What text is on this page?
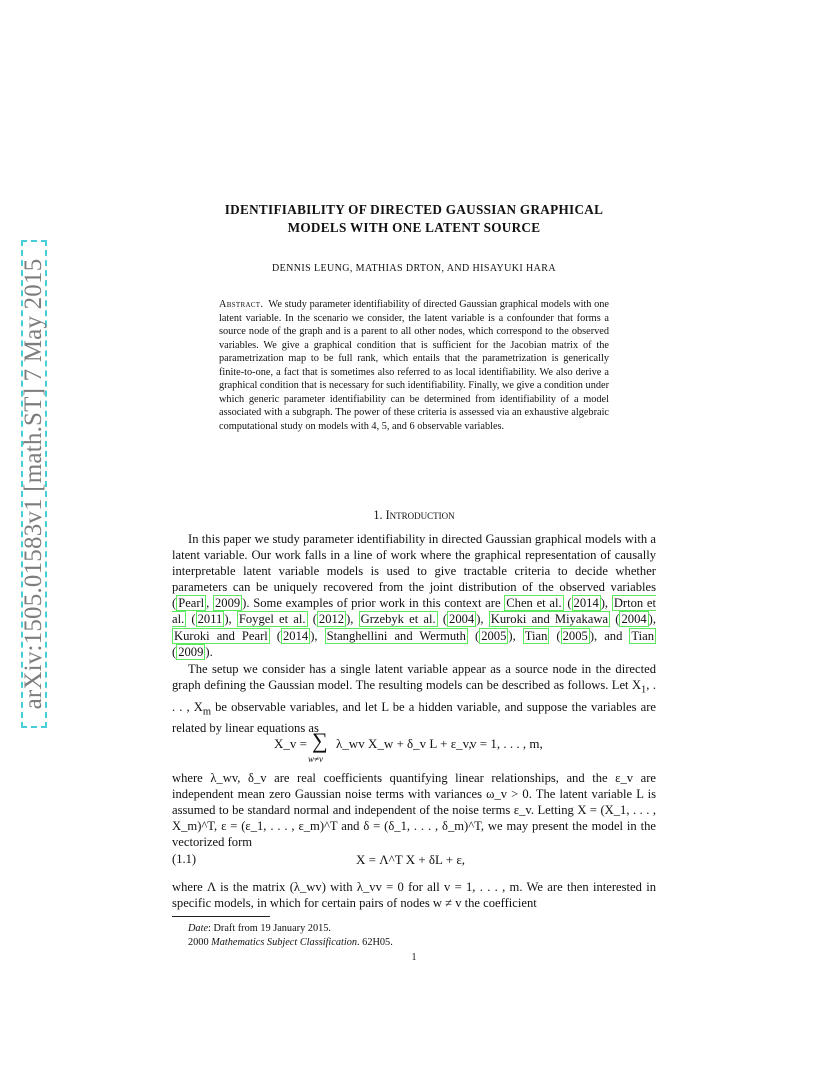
arXiv:1505.01583v1 [math.ST] 7 May 2015
IDENTIFIABILITY OF DIRECTED GAUSSIAN GRAPHICAL
MODELS WITH ONE LATENT SOURCE
DENNIS LEUNG, MATHIAS DRTON, AND HISAYUKI HARA
Abstract. We study parameter identifiability of directed Gaussian graphical models with one latent variable. In the scenario we consider, the latent variable is a confounder that forms a source node of the graph and is a parent to all other nodes, which correspond to the observed variables. We give a graphical condition that is sufficient for the Jacobian matrix of the parametrization map to be full rank, which entails that the parametrization is generically finite-to-one, a fact that is sometimes also referred to as local identifiability. We also derive a graphical condition that is necessary for such identifiability. Finally, we give a condition under which generic parameter identifiability can be determined from identifiability of a model associated with a subgraph. The power of these criteria is assessed via an exhaustive algebraic computational study on models with 4, 5, and 6 observable variables.
1. Introduction
In this paper we study parameter identifiability in directed Gaussian graphical models with a latent variable. Our work falls in a line of work where the graphical representation of causally interpretable latent variable models is used to give tractable criteria to decide whether parameters can be uniquely recovered from the joint distribution of the observed variables ( Pearl , 2009 ). Some examples of prior work in this context are Chen et al. ( 2014 ), Drton et al. ( 2011 ), Foygel et al. ( 2012 ), Grzebyk et al. ( 2004 ), Kuroki and Miyakawa ( 2004 ), Kuroki and Pearl ( 2014 ), Stanghellini and Wermuth ( 2005 ), Tian ( 2005 ), and Tian ( 2009 ).
The setup we consider has a single latent variable appear as a source node in the directed graph defining the Gaussian model. The resulting models can be described as follows. Let $X_1$, . . . , $X_m$ be observable variables, and let L be a hidden variable, and suppose the variables are related by linear equations as
X_v = ∑
w≠v
λ_wv X_w + δ_v L + ε_v,
v = 1, . . . , m,
where λ_wv, δ_v are real coefficients quantifying linear relationships, and the ε_v are independent mean zero Gaussian noise terms with variances ω_v > 0. The latent variable L is assumed to be standard normal and independent of the noise terms ε_v. Letting X = (X_1, . . . , X_m)^T, ε = (ε_1, . . . , ε_m)^T and δ = (δ_1, . . . , δ_m)^T, we may present the model in the vectorized form
(1.1)	X = Λ^T X + δL + ε,
where Λ is the matrix (λ_wv) with λ_vv = 0 for all v = 1, . . . , m. We are then interested in specific models, in which for certain pairs of nodes w ≠ v the coefficient
Date: Draft from 19 January 2015.
2000 Mathematics Subject Classification. 62H05.
1
